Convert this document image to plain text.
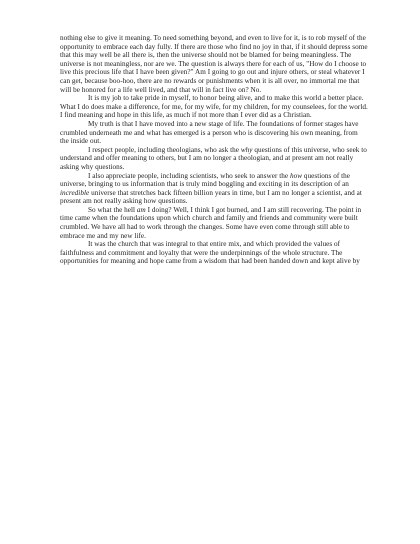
nothing else to give it meaning. To need something beyond, and even to live for it, is to rob myself of the opportunity to embrace each day fully. If there are those who find no joy in that, if it should depress some that this may well be all there is, then the universe should not be blamed for being meaningless. The universe is not meaningless, nor are we. The question is always there for each of us, "How do I choose to live this precious life that I have been given?" Am I going to go out and injure others, or steal whatever I can get, because boo-hoo, there are no rewards or punishments when it is all over, no immortal me that will be honored for a life well lived, and that will in fact live on? No.

It is my job to take pride in myself, to honor being alive, and to make this world a better place. What I do does make a difference, for me, for my wife, for my children, for my counselees, for the world. I find meaning and hope in this life, as much if not more than I ever did as a Christian.

My truth is that I have moved into a new stage of life. The foundations of former stages have crumbled underneath me and what has emerged is a person who is discovering his own meaning, from the inside out.

I respect people, including theologians, who ask the why questions of this universe, who seek to understand and offer meaning to others, but I am no longer a theologian, and at present am not really asking why questions.

I also appreciate people, including scientists, who seek to answer the how questions of the universe, bringing to us information that is truly mind boggling and exciting in its description of an incredible universe that stretches back fifteen billion years in time, but I am no longer a scientist, and at present am not really asking how questions.

So what the hell am I doing? Well, I think I got burned, and I am still recovering. The point in time came when the foundations upon which church and family and friends and community were built crumbled. We have all had to work through the changes. Some have even come through still able to embrace me and my new life.

It was the church that was integral to that entire mix, and which provided the values of faithfulness and commitment and loyalty that were the underpinnings of the whole structure. The opportunities for meaning and hope came from a wisdom that had been handed down and kept alive by
